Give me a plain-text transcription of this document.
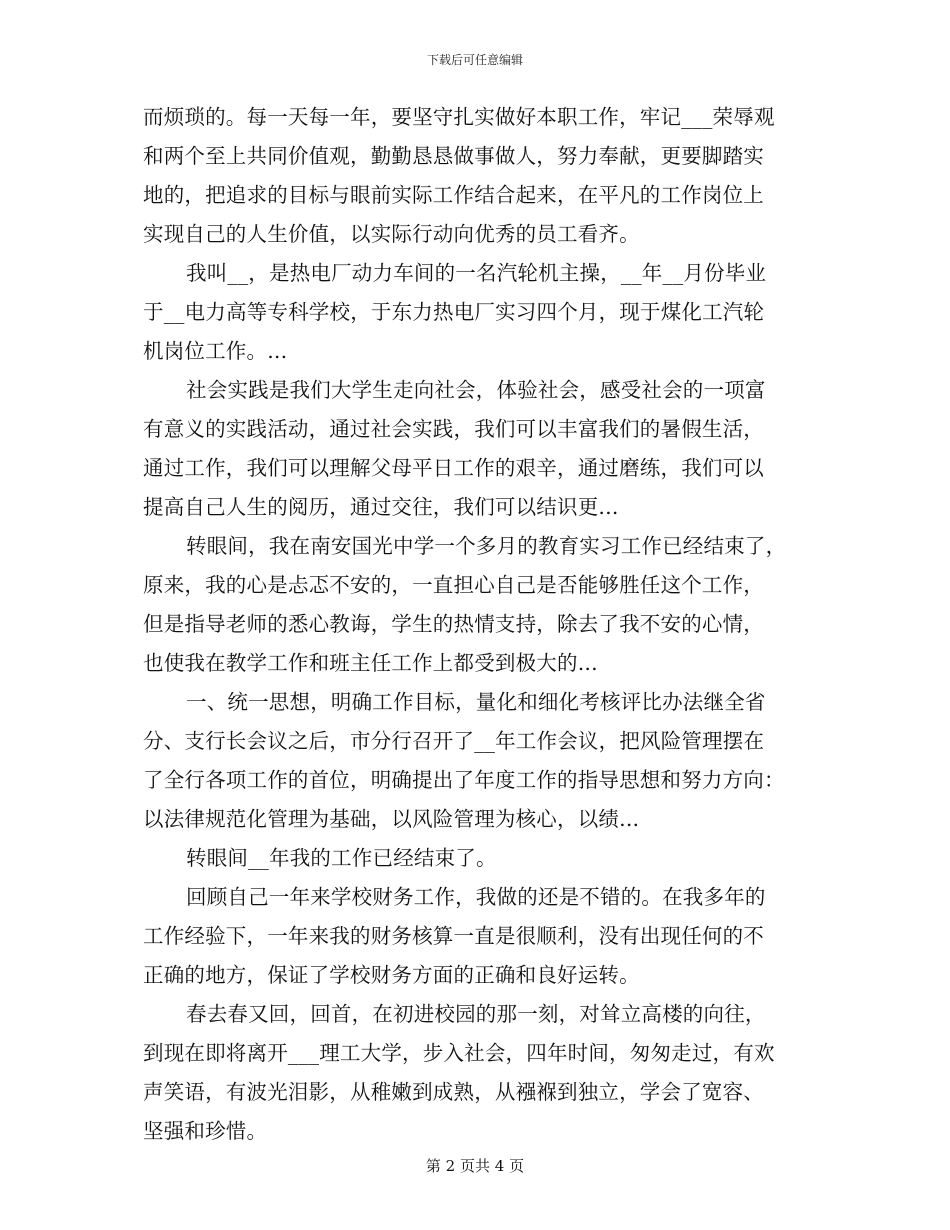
下载后可任意编辑
而烦琐的。每一天每一年，要坚守扎实做好本职工作，牢记___荣辱观
和两个至上共同价值观，勤勤恳恳做事做人，努力奉献，更要脚踏实
地的，把追求的目标与眼前实际工作结合起来，在平凡的工作岗位上
实现自己的人生价值，以实际行动向优秀的员工看齐。
我叫__，是热电厂动力车间的一名汽轮机主操，__年__月份毕业
于__电力高等专科学校，于东力热电厂实习四个月，现于煤化工汽轮
机岗位工作。...
社会实践是我们大学生走向社会，体验社会，感受社会的一项富
有意义的实践活动，通过社会实践，我们可以丰富我们的暑假生活，
通过工作，我们可以理解父母平日工作的艰辛，通过磨练，我们可以
提高自己人生的阅历，通过交往，我们可以结识更...
转眼间，我在南安国光中学一个多月的教育实习工作已经结束了，
原来，我的心是忐忑不安的，一直担心自己是否能够胜任这个工作，
但是指导老师的悉心教诲，学生的热情支持，除去了我不安的心情，
也使我在教学工作和班主任工作上都受到极大的...
一、统一思想，明确工作目标，量化和细化考核评比办法继全省
分、支行长会议之后，市分行召开了__年工作会议，把风险管理摆在
了全行各项工作的首位，明确提出了年度工作的指导思想和努力方向：
以法律规范化管理为基础，以风险管理为核心，以绩...
转眼间__年我的工作已经结束了。
回顾自己一年来学校财务工作，我做的还是不错的。在我多年的
工作经验下，一年来我的财务核算一直是很顺利，没有出现任何的不
正确的地方，保证了学校财务方面的正确和良好运转。
春去春又回，回首，在初进校园的那一刻，对耸立高楼的向往，
到现在即将离开___理工大学，步入社会，四年时间，匆匆走过，有欢
声笑语，有波光泪影，从稚嫩到成熟，从襁褓到独立，学会了宽容、
坚强和珍惜。
第 2 页共 4 页
